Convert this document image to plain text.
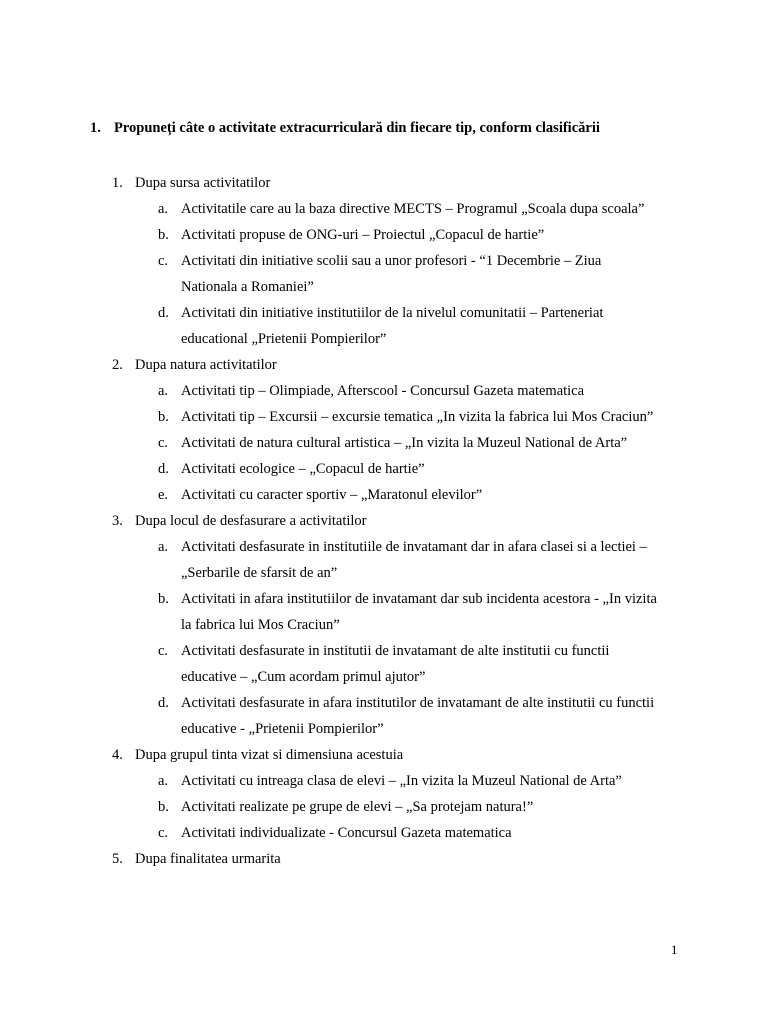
1. Propuneți câte o activitate extracurriculară din fiecare tip, conform clasificării
1. Dupa sursa activitatilor
a. Activitatile care au la baza directive MECTS – Programul „Scoala dupa scoala”
b. Activitati propuse de ONG-uri – Proiectul „Copacul de hartie”
c. Activitati din initiative scolii sau a unor profesori - “1 Decembrie – Ziua
Nationala a Romaniei”
d. Activitati din initiative institutiilor de la nivelul comunitatii – Parteneriat
educational „Prietenii Pompierilor”
2. Dupa natura activitatilor
a. Activitati tip – Olimpiade, Afterscool - Concursul Gazeta matematica
b. Activitati tip – Excursii – excursie tematica „In vizita la fabrica lui Mos Craciun”
c. Activitati de natura cultural artistica – „In vizita la Muzeul National de Arta”
d. Activitati ecologice – „Copacul de hartie”
e. Activitati cu caracter sportiv – „Maratonul elevilor”
3. Dupa locul de desfasurare a activitatilor
a. Activitati desfasurate in institutiile de invatamant dar in afara clasei si a lectiei –
„Serbarile de sfarsit de an”
b. Activitati in afara institutiilor de invatamant dar sub incidenta acestora - „In vizita
la fabrica lui Mos Craciun”
c. Activitati desfasurate in institutii de invatamant de alte institutii cu functii
educative – „Cum acordam primul ajutor”
d. Activitati desfasurate in afara institutilor de invatamant de alte institutii cu functii
educative - „Prietenii Pompierilor”
4. Dupa grupul tinta vizat si dimensiuna acestuia
a. Activitati cu intreaga clasa de elevi – „In vizita la Muzeul National de Arta”
b. Activitati realizate pe grupe de elevi – „Sa protejam natura!”
c. Activitati individualizate - Concursul Gazeta matematica
5. Dupa finalitatea urmarita
1
